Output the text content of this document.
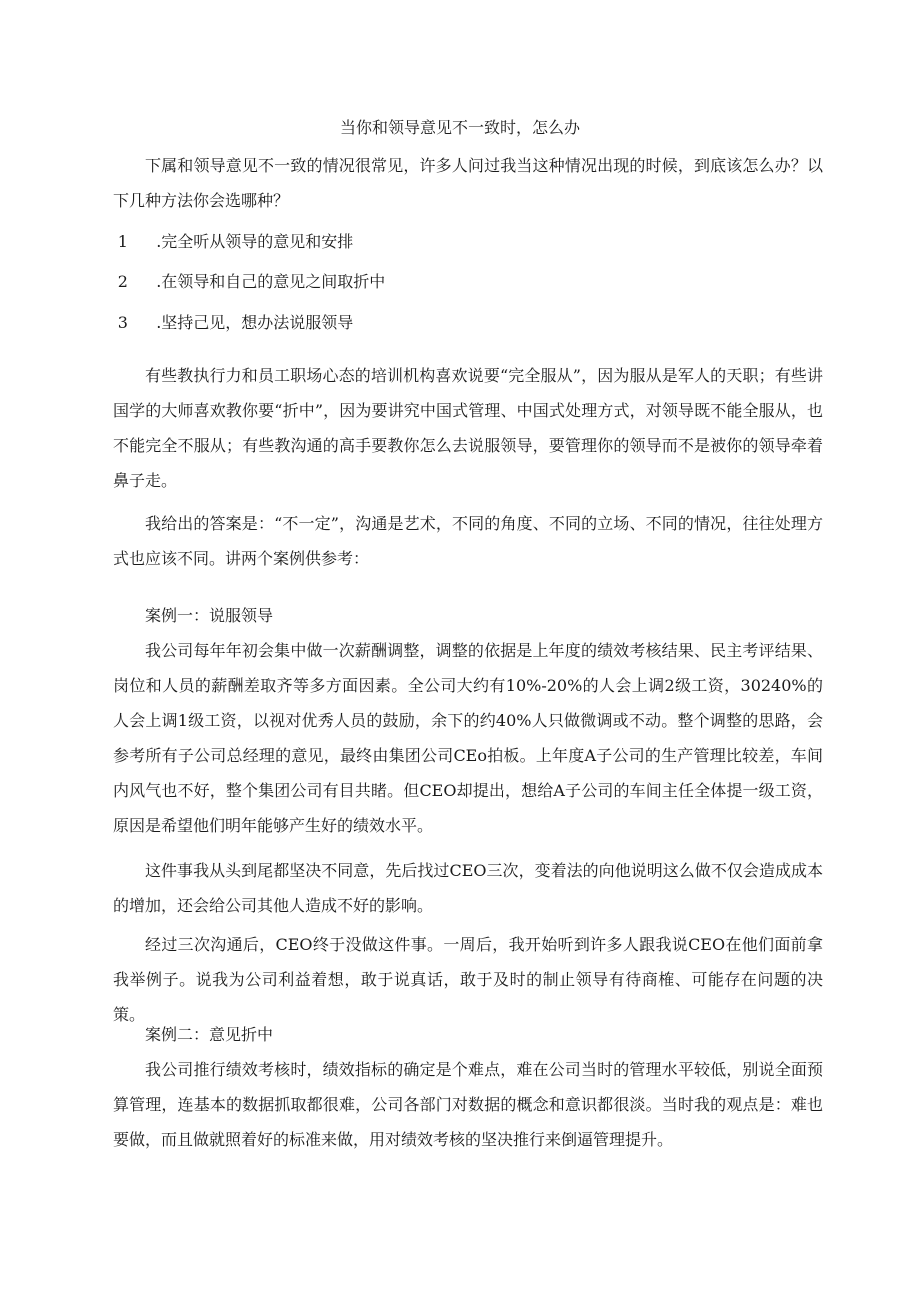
当你和领导意见不一致时，怎么办

下属和领导意见不一致的情况很常见，许多人问过我当这种情况出现的时候，到底该怎么办？以下几种方法你会选哪种？

1 .完全听从领导的意见和安排

2 .在领导和自己的意见之间取折中

3 .坚持己见，想办法说服领导

有些教执行力和员工职场心态的培训机构喜欢说要“完全服从”，因为服从是军人的天职；有些讲国学的大师喜欢教你要“折中”，因为要讲究中国式管理、中国式处理方式，对领导既不能全服从，也不能完全不服从；有些教沟通的高手要教你怎么去说服领导，要管理你的领导而不是被你的领导牵着鼻子走。

我给出的答案是：“不一定”，沟通是艺术，不同的角度、不同的立场、不同的情况，往往处理方式也应该不同。讲两个案例供参考：

案例一：说服领导

我公司每年年初会集中做一次薪酬调整，调整的依据是上年度的绩效考核结果、民主考评结果、岗位和人员的薪酬差取齐等多方面因素。全公司大约有10%-20%的人会上调2级工资，30240%的人会上调1级工资，以视对优秀人员的鼓励，余下的约40%人只做微调或不动。整个调整的思路，会参考所有子公司总经理的意见，最终由集团公司CEo拍板。上年度A子公司的生产管理比较差，车间内风气也不好，整个集团公司有目共睹。但CEO却提出，想给A子公司的车间主任全体提一级工资，原因是希望他们明年能够产生好的绩效水平。

这件事我从头到尾都坚决不同意，先后找过CEO三次，变着法的向他说明这么做不仅会造成成本的增加，还会给公司其他人造成不好的影响。

经过三次沟通后，CEO终于没做这件事。一周后，我开始听到许多人跟我说CEO在他们面前拿我举例子。说我为公司利益着想，敢于说真话，敢于及时的制止领导有待商榷、可能存在问题的决策。

案例二：意见折中

我公司推行绩效考核时，绩效指标的确定是个难点，难在公司当时的管理水平较低，别说全面预算管理，连基本的数据抓取都很难，公司各部门对数据的概念和意识都很淡。当时我的观点是：难也要做，而且做就照着好的标准来做，用对绩效考核的坚决推行来倒逼管理提升。
